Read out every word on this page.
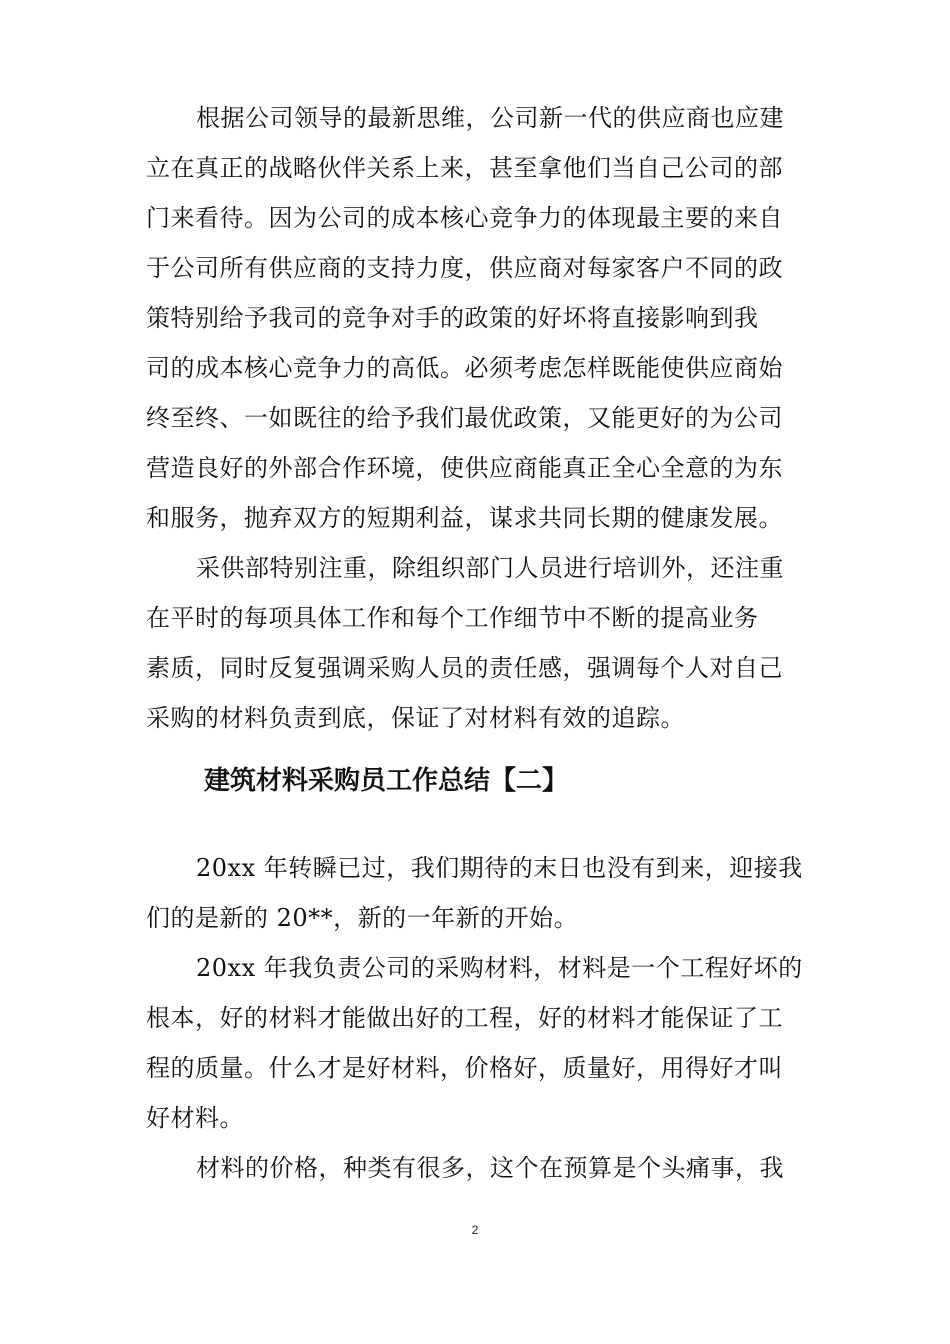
根据公司领导的最新思维，公司新一代的供应商也应建
立在真正的战略伙伴关系上来，甚至拿他们当自己公司的部
门来看待。因为公司的成本核心竞争力的体现最主要的来自
于公司所有供应商的支持力度，供应商对每家客户不同的政
策特别给予我司的竞争对手的政策的好坏将直接影响到我
司的成本核心竞争力的高低。必须考虑怎样既能使供应商始
终至终、一如既往的给予我们最优政策，又能更好的为公司
营造良好的外部合作环境，使供应商能真正全心全意的为东
和服务，抛弃双方的短期利益，谋求共同长期的健康发展。
采供部特别注重，除组织部门人员进行培训外，还注重
在平时的每项具体工作和每个工作细节中不断的提高业务
素质，同时反复强调采购人员的责任感，强调每个人对自己
采购的材料负责到底，保证了对材料有效的追踪。
建筑材料采购员工作总结【二】
20xx 年转瞬已过，我们期待的末日也没有到来，迎接我
们的是新的 20**，新的一年新的开始。
20xx 年我负责公司的采购材料，材料是一个工程好坏的
根本，好的材料才能做出好的工程，好的材料才能保证了工
程的质量。什么才是好材料，价格好，质量好，用得好才叫
好材料。
材料的价格，种类有很多，这个在预算是个头痛事，我
2
